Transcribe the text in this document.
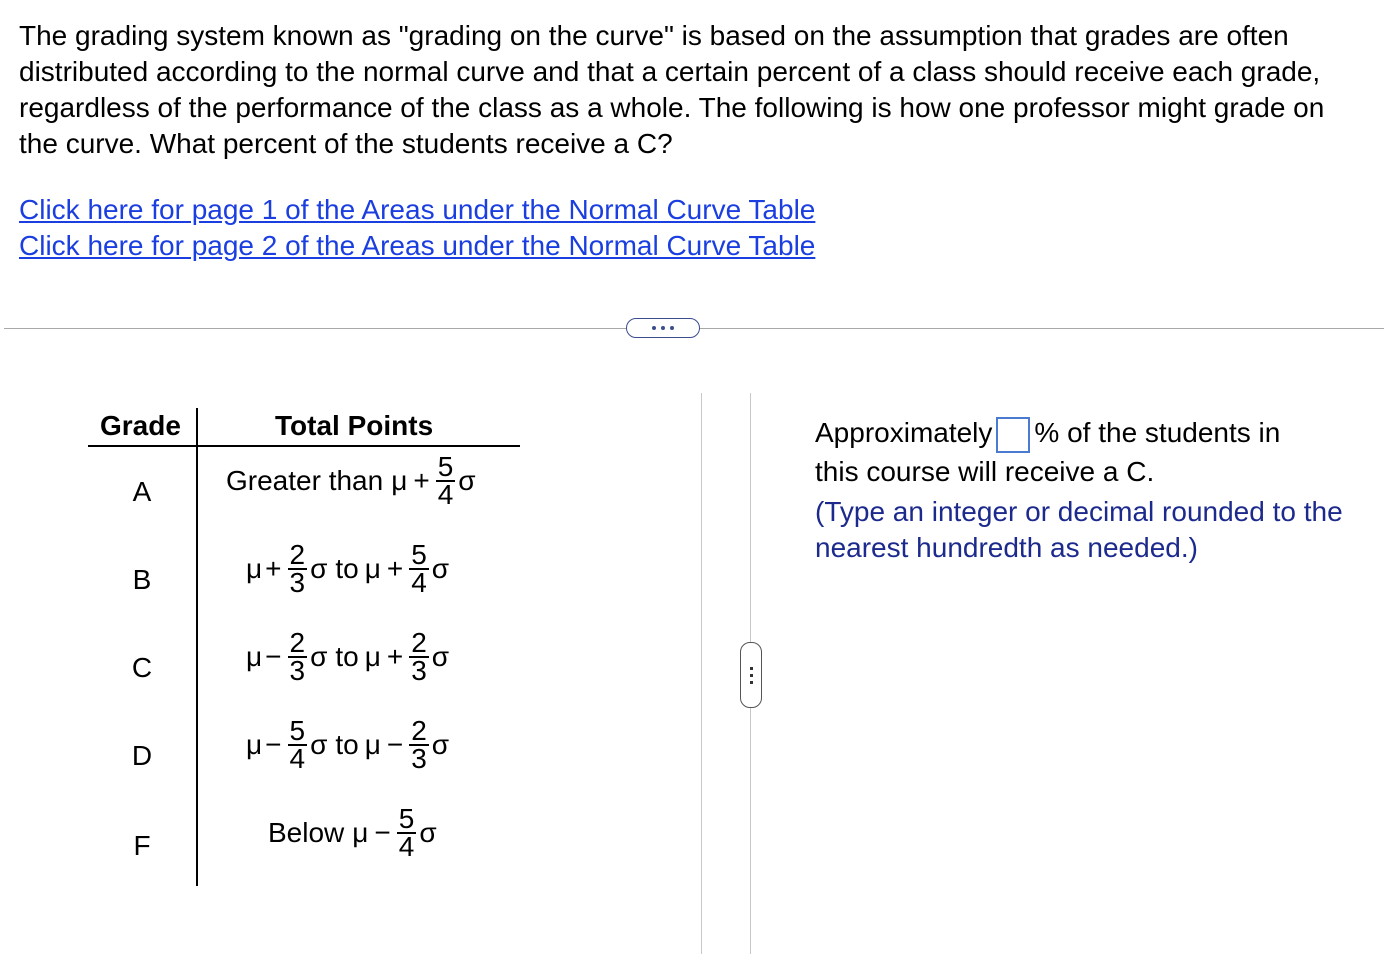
The grading system known as "grading on the curve" is based on the assumption that grades are often distributed according to the normal curve and that a certain percent of a class should receive each grade, regardless of the performance of the class as a whole. The following is how one professor might grade on the curve. What percent of the students receive a C?
Click here for page 1 of the Areas under the Normal Curve Table
Click here for page 2 of the Areas under the Normal Curve Table
Grade	Total Points
A	Greater than $\mu + \frac{5}{4}$ σ
B	$\mu + \frac{2}{3}$ σ to $\mu + \frac{5}{4}$ σ
C	$\mu - \frac{2}{3}$ σ to $\mu + \frac{2}{3}$ σ
D	$\mu - \frac{5}{4}$ σ to $\mu - \frac{2}{3}$ σ
F	Below $\mu - \frac{5}{4}$ σ
Approximately % of the students in
this course will receive a C.
(Type an integer or decimal rounded to the nearest hundredth as needed.)
